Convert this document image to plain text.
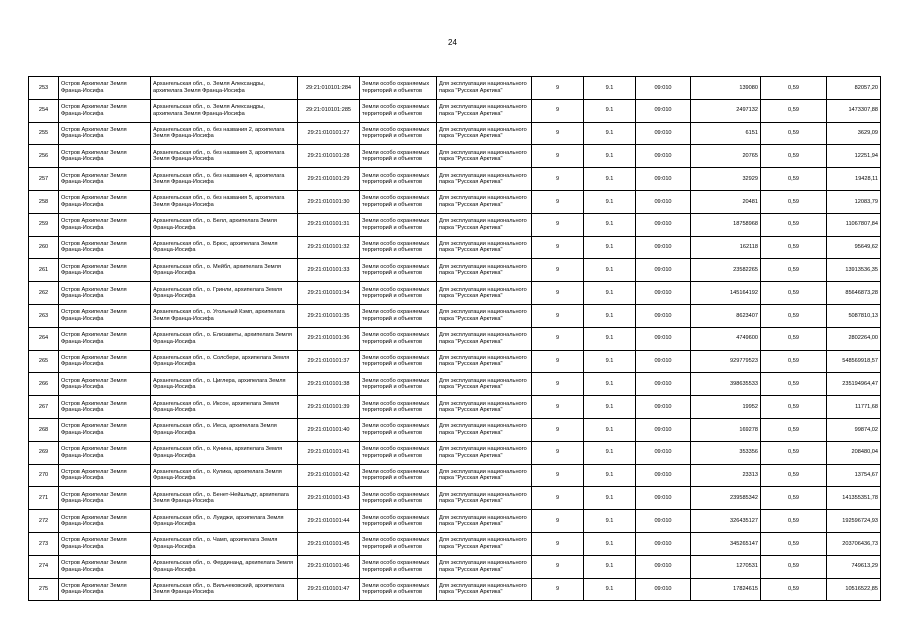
24
253	Остров Архипелаг Земля Франца-Иосифа	Архангельская обл., о. Земля Александры, архипелага Земля Франца-Иосифа	29:21:010101:284	Земли особо охраняемых территорий и объектов	Для эксплуатации национального парка "Русская Арктика"	9	9.1	09:010	139080	0,59	82057,20
254	Остров Архипелаг Земля Франца-Иосифа	Архангельская обл., о. Земля Александры, архипелага Земля Франца-Иосифа	29:21:010101:285	Земли особо охраняемых территорий и объектов	Для эксплуатации национального парка "Русская Арктика"	9	9.1	09:010	2497132	0,59	1473307,88
255	Остров Архипелаг Земля Франца-Иосифа	Архангельская обл., о. без названия 2, архипелага Земля Франца-Иосифа	29:21:010101:27	Земли особо охраняемых территорий и объектов	Для эксплуатации национального парка "Русская Арктика"	9	9.1	09:010	6151	0,59	3629,09
256	Остров Архипелаг Земля Франца-Иосифа	Архангельская обл., о. без названия 3, архипелага Земля Франца-Иосифа	29:21:010101:28	Земли особо охраняемых территорий и объектов	Для эксплуатации национального парка "Русская Арктика"	9	9.1	09:010	20765	0,59	12251,94
257	Остров Архипелаг Земля Франца-Иосифа	Архангельская обл., о. без названия 4, архипелага Земля Франца-Иосифа	29:21:010101:29	Земли особо охраняемых территорий и объектов	Для эксплуатации национального парка "Русская Арктика"	9	9.1	09:010	32929	0,59	19428,11
258	Остров Архипелаг Земля Франца-Иосифа	Архангельская обл., о. без названия 5, архипелага Земля Франца-Иосифа	29:21:010101:30	Земли особо охраняемых территорий и объектов	Для эксплуатации национального парка "Русская Арктика"	9	9.1	09:010	20481	0,59	12083,79
259	Остров Архипелаг Земля Франца-Иосифа	Архангельская обл., о. Белл, архипелага Земля Франца-Иосифа	29:21:010101:31	Земли особо охраняемых территорий и объектов	Для эксплуатации национального парка "Русская Арктика"	9	9.1	09:010	18758968	0,59	11067807,84
260	Остров Архипелаг Земля Франца-Иосифа	Архангельская обл., о. Брюс, архипелага Земля Франца-Иосифа	29:21:010101:32	Земли особо охраняемых территорий и объектов	Для эксплуатации национального парка "Русская Арктика"	9	9.1	09:010	162118	0,59	95649,62
261	Остров Архипелаг Земля Франца-Иосифа	Архангельская обл., о. Мейбл, архипелага Земля Франца-Иосифа	29:21:010101:33	Земли особо охраняемых территорий и объектов	Для эксплуатации национального парка "Русская Арктика"	9	9.1	09:010	23582265	0,59	13913536,35
262	Остров Архипелаг Земля Франца-Иосифа	Архангельская обл., о. Гринли, архипелага Земля Франца-Иосифа	29:21:010101:34	Земли особо охраняемых территорий и объектов	Для эксплуатации национального парка "Русская Арктика"	9	9.1	09:010	145164192	0,59	85646873,28
263	Остров Архипелаг Земля Франца-Иосифа	Архангельская обл., о. Угольный Кэмп, архипелага Земля Франца-Иосифа	29:21:010101:35	Земли особо охраняемых территорий и объектов	Для эксплуатации национального парка "Русская Арктика"	9	9.1	09:010	8623407	0,59	5087810,13
264	Остров Архипелаг Земля Франца-Иосифа	Архангельская обл., о. Елизаветы, архипелага Земля Франца-Иосифа	29:21:010101:36	Земли особо охраняемых территорий и объектов	Для эксплуатации национального парка "Русская Арктика"	9	9.1	09:010	4749600	0,59	2802264,00
265	Остров Архипелаг Земля Франца-Иосифа	Архангельская обл., о. Солсбери, архипелага Земля Франца-Иосифа	29:21:010101:37	Земли особо охраняемых территорий и объектов	Для эксплуатации национального парка "Русская Арктика"	9	9.1	09:010	929779523	0,59	548569918,57
266	Остров Архипелаг Земля Франца-Иосифа	Архангельская обл., о. Циглера, архипелага Земля Франца-Иосифа	29:21:010101:38	Земли особо охраняемых территорий и объектов	Для эксплуатации национального парка "Русская Арктика"	9	9.1	09:010	398635533	0,59	235194964,47
267	Остров Архипелаг Земля Франца-Иосифа	Архангельская обл., о. Иксон, архипелага Земля Франца-Иосифа	29:21:010101:39	Земли особо охраняемых территорий и объектов	Для эксплуатации национального парка "Русская Арктика"	9	9.1	09:010	19952	0,59	11771,68
268	Остров Архипелаг Земля Франца-Иосифа	Архангельская обл., о. Иеса, архипелага Земля Франца-Иосифа	29:21:010101:40	Земли особо охраняемых территорий и объектов	Для эксплуатации национального парка "Русская Арктика"	9	9.1	09:010	169278	0,59	99874,02
269	Остров Архипелаг Земля Франца-Иосифа	Архангельская обл., о. Кунина, архипелага Земля Франца-Иосифа	29:21:010101:41	Земли особо охраняемых территорий и объектов	Для эксплуатации национального парка "Русская Арктика"	9	9.1	09:010	353356	0,59	208480,04
270	Остров Архипелаг Земля Франца-Иосифа	Архангельская обл., о. Кулика, архипелага Земля Франца-Иосифа	29:21:010101:42	Земли особо охраняемых территорий и объектов	Для эксплуатации национального парка "Русская Арктика"	9	9.1	09:010	23313	0,59	13754,67
271	Остров Архипелаг Земля Франца-Иосифа	Архангельская обл., о. Бенет-Нейшльдт, архипелага Земля Франца-Иосифа	29:21:010101:43	Земли особо охраняемых территорий и объектов	Для эксплуатации национального парка "Русская Арктика"	9	9.1	09:010	239585342	0,59	141355351,78
272	Остров Архипелаг Земля Франца-Иосифа	Архангельская обл., о. Луиджи, архипелага Земля Франца-Иосифа	29:21:010101:44	Земли особо охраняемых территорий и объектов	Для эксплуатации национального парка "Русская Арктика"	9	9.1	09:010	326435127	0,59	192596724,93
273	Остров Архипелаг Земля Франца-Иосифа	Архангельская обл., о. Чамп, архипелага Земля Франца-Иосифа	29:21:010101:45	Земли особо охраняемых территорий и объектов	Для эксплуатации национального парка "Русская Арктика"	9	9.1	09:010	345265147	0,59	203706436,73
274	Остров Архипелаг Земля Франца-Иосифа	Архангельская обл., о. Фердинанд, архипелага Земля Франца-Иосифа	29:21:010101:46	Земли особо охраняемых территорий и объектов	Для эксплуатации национального парка "Русская Арктика"	9	9.1	09:010	1270531	0,59	749613,29
275	Остров Архипелаг Земля Франца-Иосифа	Архангельская обл., о. Вильчековский, архипелага Земля Франца-Иосифа	29:21:010101:47	Земли особо охраняемых территорий и объектов	Для эксплуатации национального парка "Русская Арктика"	9	9.1	09:010	17824615	0,59	10516522,85
